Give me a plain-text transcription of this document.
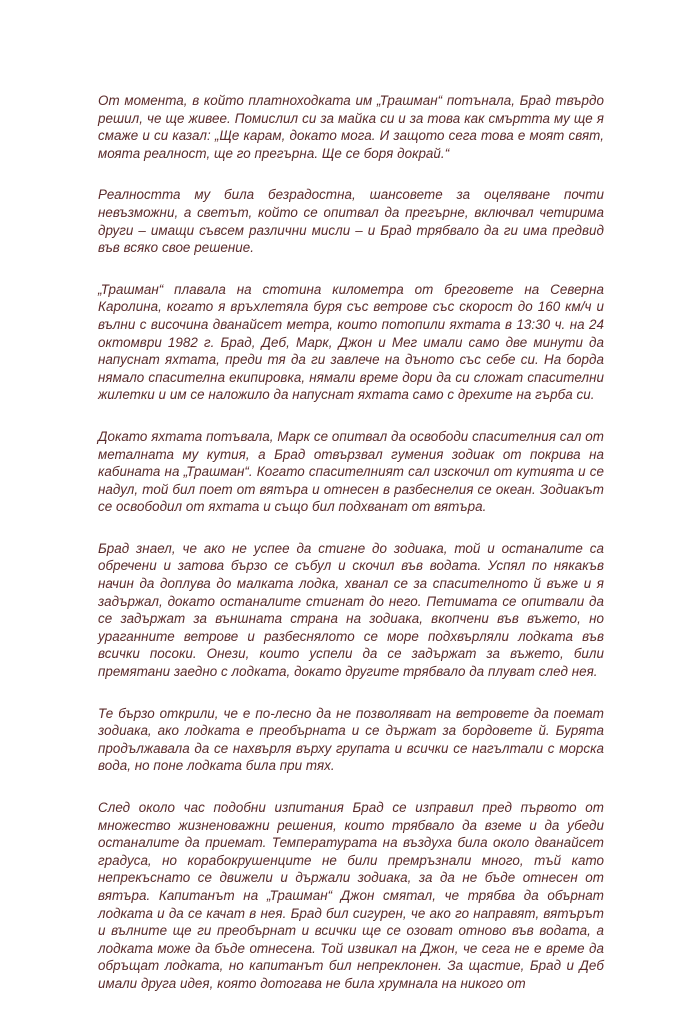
От момента, в който платноходката им „Трашман“ потънала, Брад твърдо решил, че ще живее. Помислил си за майка си и за това как смъртта му ще я смаже и си казал: „Ще карам, докато мога. И защото сега това е моят свят, моята реалност, ще го прегърна. Ще се боря докрай.“

Реалността му била безрадостна, шансовете за оцеляване почти невъзможни, а светът, който се опитвал да прегърне, включвал четирима други – имащи съвсем различни мисли – и Брад трябвало да ги има предвид във всяко свое решение.

„Трашман“ плавала на стотина километра от бреговете на Северна Каролина, когато я връхлетяла буря със ветрове със скорост до 160 км/ч и вълни с височина дванайсет метра, които потопили яхтата в 13:30 ч. на 24 октомври 1982 г. Брад, Деб, Марк, Джон и Мег имали само две минути да напуснат яхтата, преди тя да ги завлече на дъното със себе си. На борда нямало спасителна екипировка, нямали време дори да си сложат спасителни жилетки и им се наложило да напуснат яхтата само с дрехите на гърба си.

Докато яхтата потъвала, Марк се опитвал да освободи спасителния сал от металната му кутия, а Брад отвързвал гумения зодиак от покрива на кабината на „Трашман“. Когато спасителният сал изскочил от кутията и се надул, той бил поет от вятъра и отнесен в разбеснелия се океан. Зодиакът се освободил от яхтата и също бил подхванат от вятъра.

Брад знаел, че ако не успее да стигне до зодиака, той и останалите са обречени и затова бързо се събул и скочил във водата. Успял по някакъв начин да доплува до малката лодка, хванал се за спасителното й въже и я задържал, докато останалите стигнат до него. Петимата се опитвали да се задържат за външната страна на зодиака, вкопчени във въжето, но ураганните ветрове и разбеснялото се море подхвърляли лодката във всички посоки. Онези, които успели да се задържат за въжето, били премятани заедно с лодката, докато другите трябвало да плуват след нея.

Те бързо открили, че е по-лесно да не позволяват на ветровете да поемат зодиака, ако лодката е преобърната и се държат за бордовете й. Бурята продължавала да се нахвърля върху групата и всички се нагълтали с морска вода, но поне лодката била при тях.

След около час подобни изпитания Брад се изправил пред първото от множество жизненоважни решения, които трябвало да вземе и да убеди останалите да приемат. Температурата на въздуха била около дванайсет градуса, но корабокрушенците не били премръзнали много, тъй като непрекъснато се движели и държали зодиака, за да не бъде отнесен от вятъра. Капитанът на „Трашман“ Джон смятал, че трябва да обърнат лодката и да се качат в нея. Брад бил сигурен, че ако го направят, вятърът и вълните ще ги преобърнат и всички ще се озоват отново във водата, а лодката може да бъде отнесена. Той извикал на Джон, че сега не е време да обръщат лодката, но капитанът бил непреклонен. За щастие, Брад и Деб имали друга идея, която дотогава не била хрумнала на никого от
